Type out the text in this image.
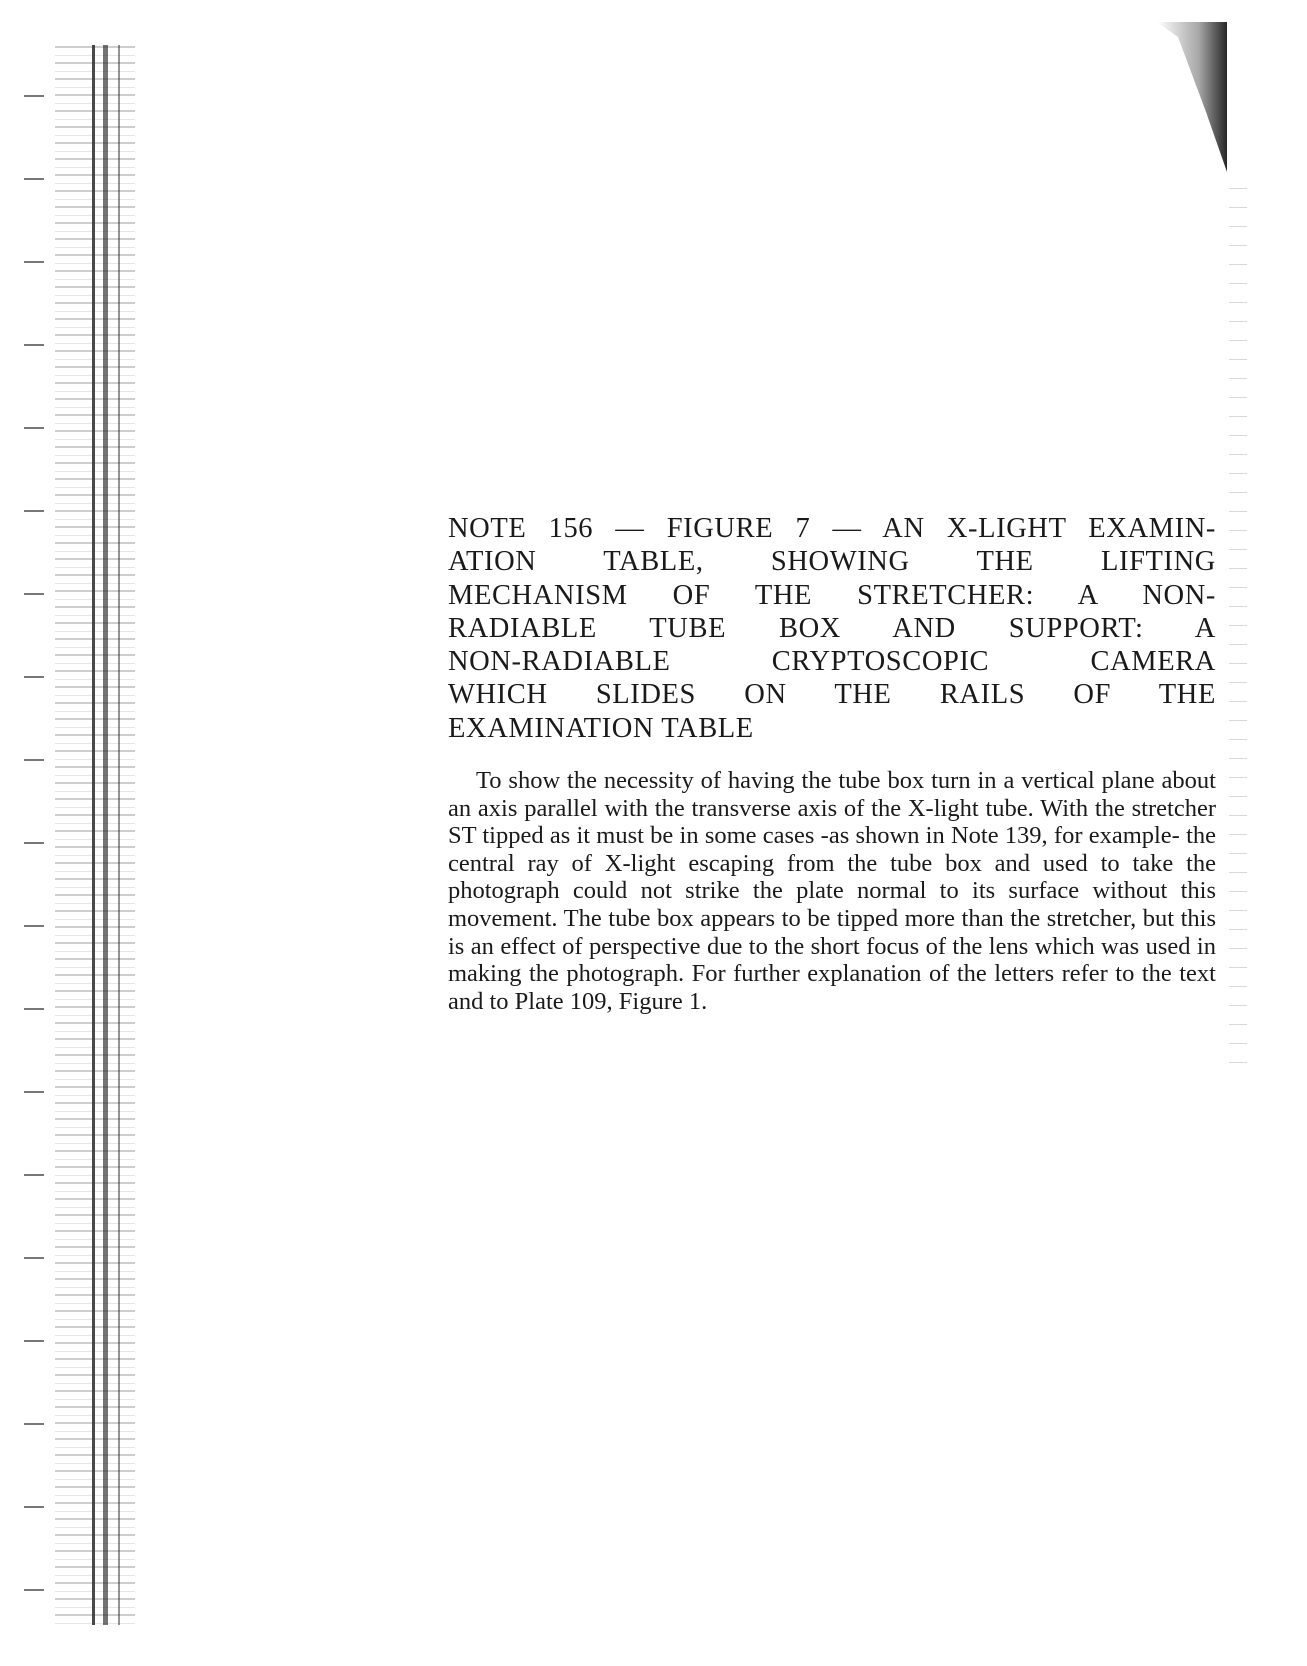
NOTE 156 — FIGURE 7 — AN X-LIGHT EXAMIN-
ATION TABLE, SHOWING THE LIFTING
MECHANISM OF THE STRETCHER: A NON-
RADIABLE TUBE BOX AND SUPPORT: A
NON-RADIABLE CRYPTOSCOPIC CAMERA
WHICH SLIDES ON THE RAILS OF THE
EXAMINATION TABLE

To show the necessity of having the tube box turn in a vertical plane about an axis parallel with the transverse axis of the X-light tube. With the stretcher ST tipped as it must be in some cases -as shown in Note 139, for example- the central ray of X-light escaping from the tube box and used to take the photograph could not strike the plate normal to its surface without this movement. The tube box appears to be tipped more than the stretcher, but this is an effect of perspective due to the short focus of the lens which was used in making the photograph. For further explanation of the letters refer to the text and to Plate 109, Figure 1.
